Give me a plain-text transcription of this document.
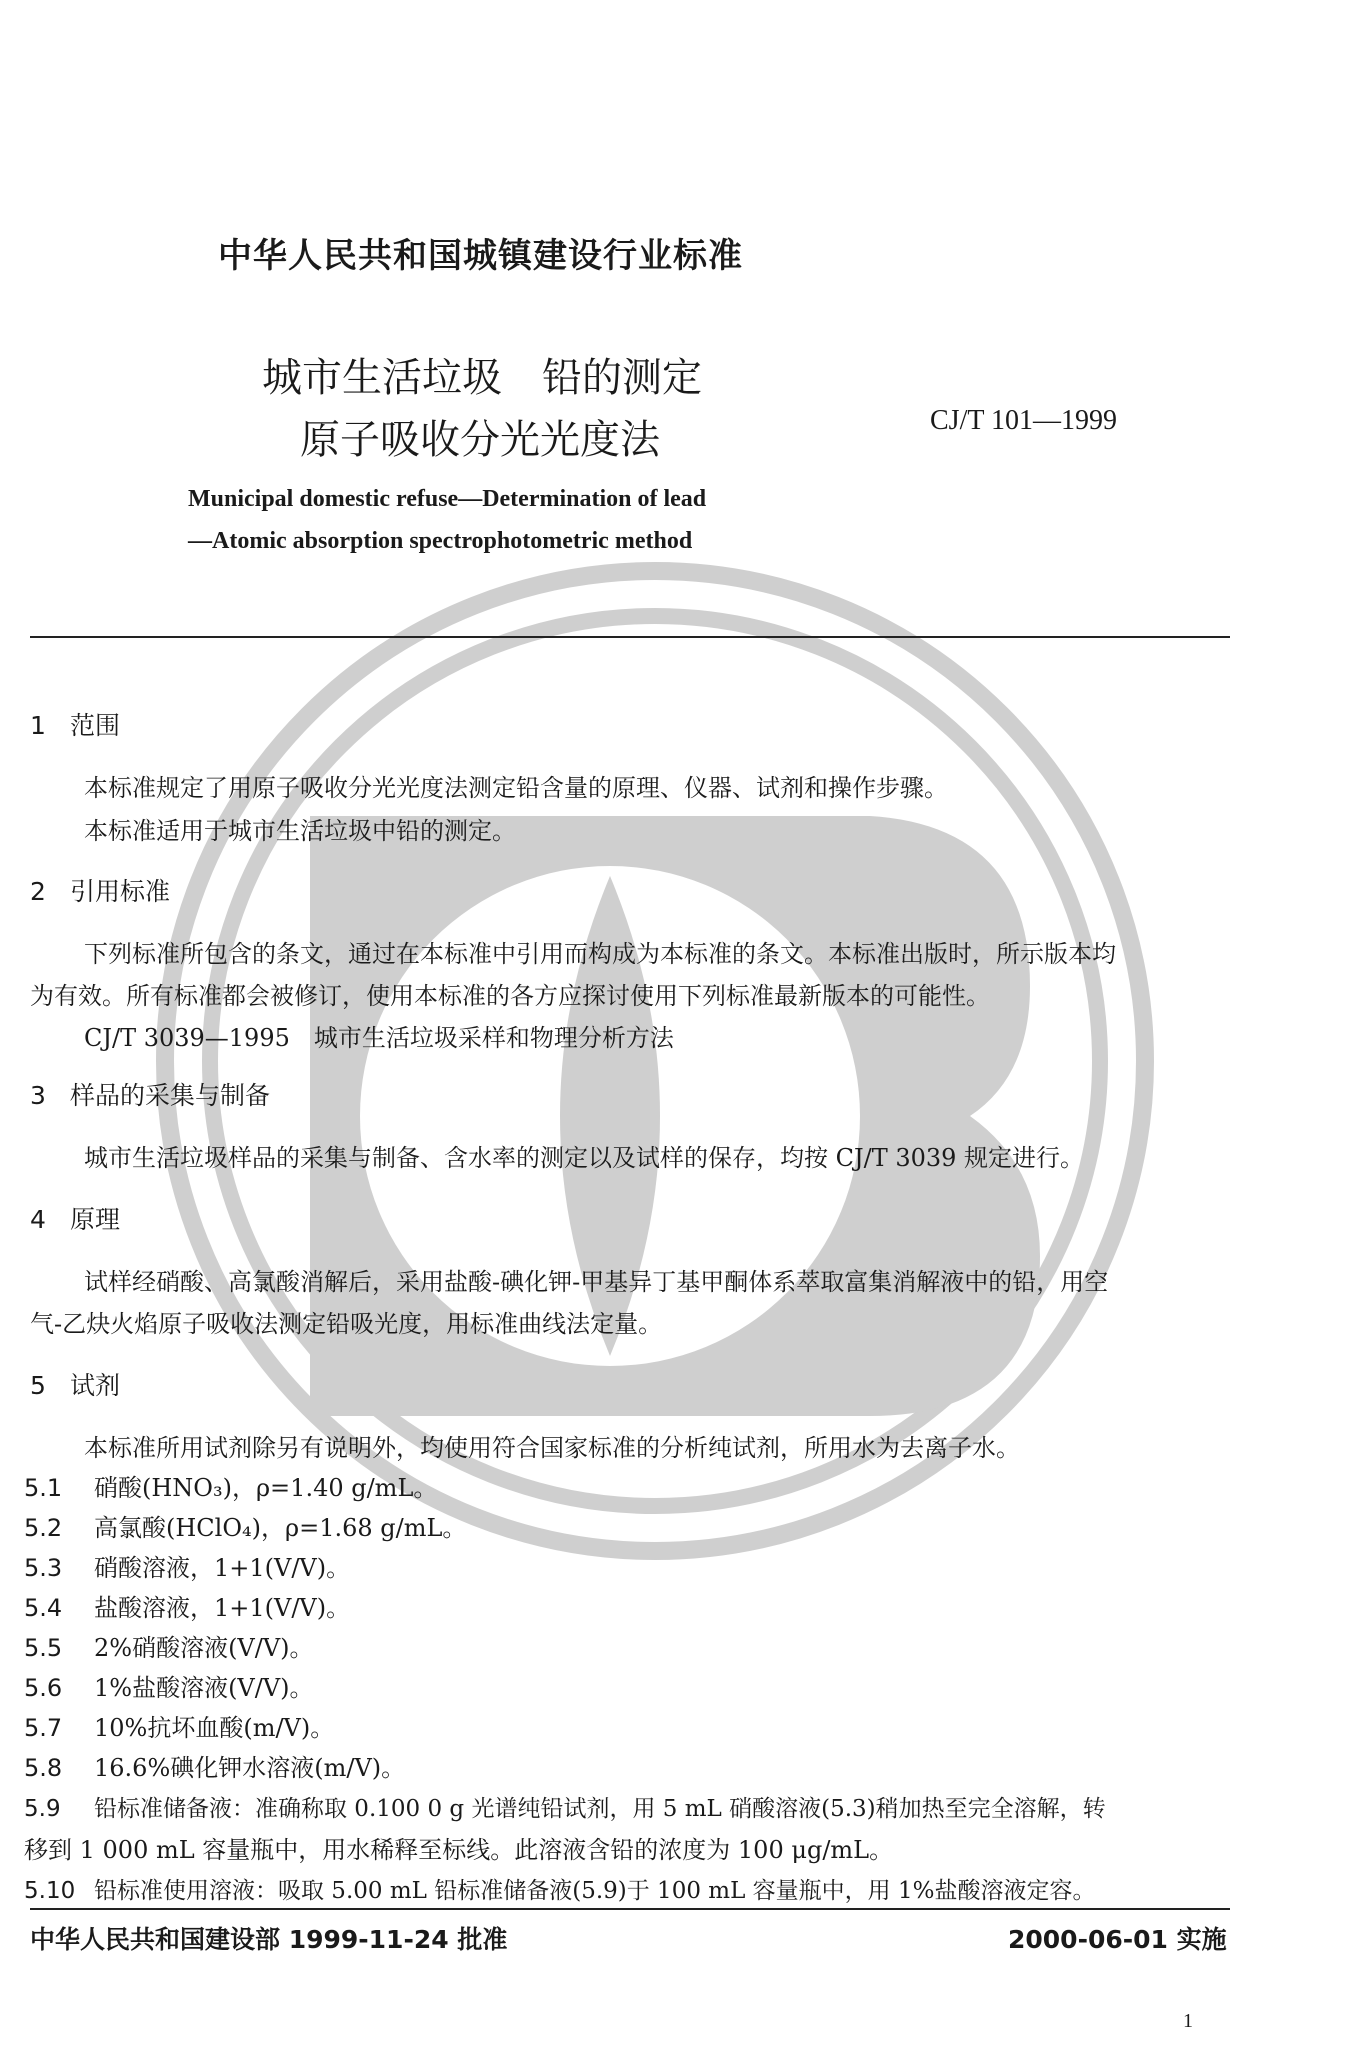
中华人民共和国城镇建设行业标准
城市生活垃圾　铅的测定
原子吸收分光光度法	CJ/T 101—1999
Municipal domestic refuse—Determination of lead
—Atomic absorption spectrophotometric method
1 范围
本标准规定了用原子吸收分光光度法测定铅含量的原理、仪器、试剂和操作步骤。
本标准适用于城市生活垃圾中铅的测定。
2 引用标准
下列标准所包含的条文，通过在本标准中引用而构成为本标准的条文。本标准出版时，所示版本均
为有效。所有标准都会被修订，使用本标准的各方应探讨使用下列标准最新版本的可能性。
CJ/T 3039—1995　城市生活垃圾采样和物理分析方法
3 样品的采集与制备
城市生活垃圾样品的采集与制备、含水率的测定以及试样的保存，均按 CJ/T 3039 规定进行。
4 原理
试样经硝酸、高氯酸消解后，采用盐酸-碘化钾-甲基异丁基甲酮体系萃取富集消解液中的铅，用空
气-乙炔火焰原子吸收法测定铅吸光度，用标准曲线法定量。
5 试剂
本标准所用试剂除另有说明外，均使用符合国家标准的分析纯试剂，所用水为去离子水。
5.1 硝酸(HNO₃)，ρ=1.40 g/mL。
5.2 高氯酸(HClO₄)，ρ=1.68 g/mL。
5.3 硝酸溶液，1+1(V/V)。
5.4 盐酸溶液，1+1(V/V)。
5.5 2%硝酸溶液(V/V)。
5.6 1%盐酸溶液(V/V)。
5.7 10%抗坏血酸(m/V)。
5.8 16.6%碘化钾水溶液(m/V)。
5.9 铅标准储备液：准确称取 0.100 0 g 光谱纯铅试剂，用 5 mL 硝酸溶液(5.3)稍加热至完全溶解，转
移到 1 000 mL 容量瓶中，用水稀释至标线。此溶液含铅的浓度为 100 μg/mL。
5.10 铅标准使用溶液：吸取 5.00 mL 铅标准储备液(5.9)于 100 mL 容量瓶中，用 1%盐酸溶液定容。
中华人民共和国建设部 1999-11-24 批准	2000-06-01 实施
1
